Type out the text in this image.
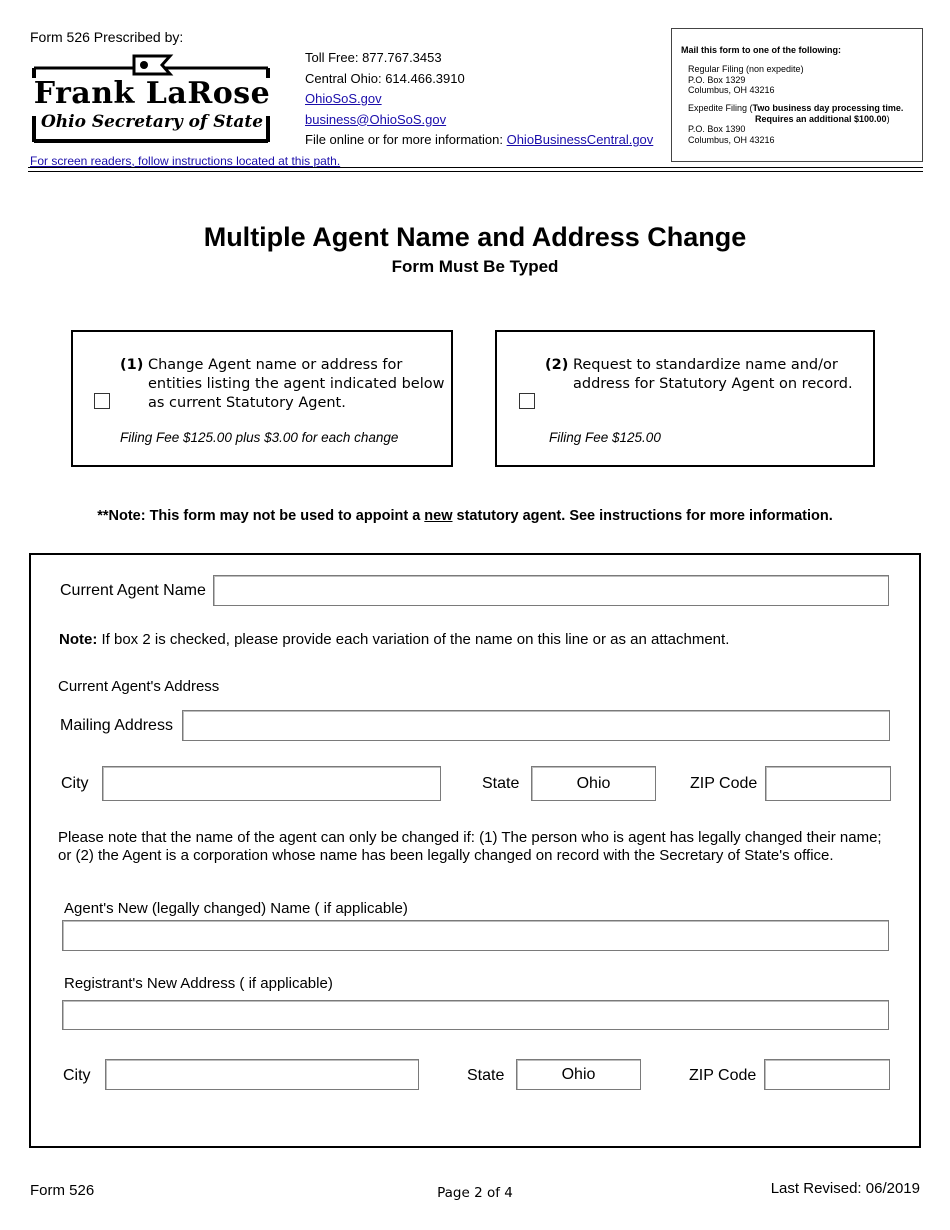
Form 526 Prescribed by:
Frank LaRose
Ohio Secretary of State
Toll Free: 877.767.3453
Central Ohio: 614.466.3910
OhioSoS.gov
business@OhioSoS.gov
File online or for more information: OhioBusinessCentral.gov
Mail this form to one of the following:
Regular Filing (non expedite)
P.O. Box 1329
Columbus, OH 43216
Expedite Filing (Two business day processing time.
Requires an additional $100.00)
P.O. Box 1390
Columbus, OH 43216
For screen readers, follow instructions located at this path.
Multiple Agent Name and Address Change
Form Must Be Typed
(1) Change Agent name or address for
entities listing the agent indicated below
as current Statutory Agent.
Filing Fee $125.00 plus $3.00 for each change
(2) Request to standardize name and/or
address for Statutory Agent on record.
Filing Fee $125.00
**Note: This form may not be used to appoint a new statutory agent. See instructions for more information.
Current Agent Name
Note: If box 2 is checked, please provide each variation of the name on this line or as an attachment.
Current Agent's Address
Mailing Address
City	State	Ohio	ZIP Code
Please note that the name of the agent can only be changed if: (1) The person who is agent has legally changed their name; or (2) the Agent is a corporation whose name has been legally changed on record with the Secretary of State's office.
Agent's New (legally changed) Name ( if applicable)
Registrant's New Address ( if applicable)
City	State	Ohio	ZIP Code
Form 526	Page 2 of 4	Last Revised: 06/2019
